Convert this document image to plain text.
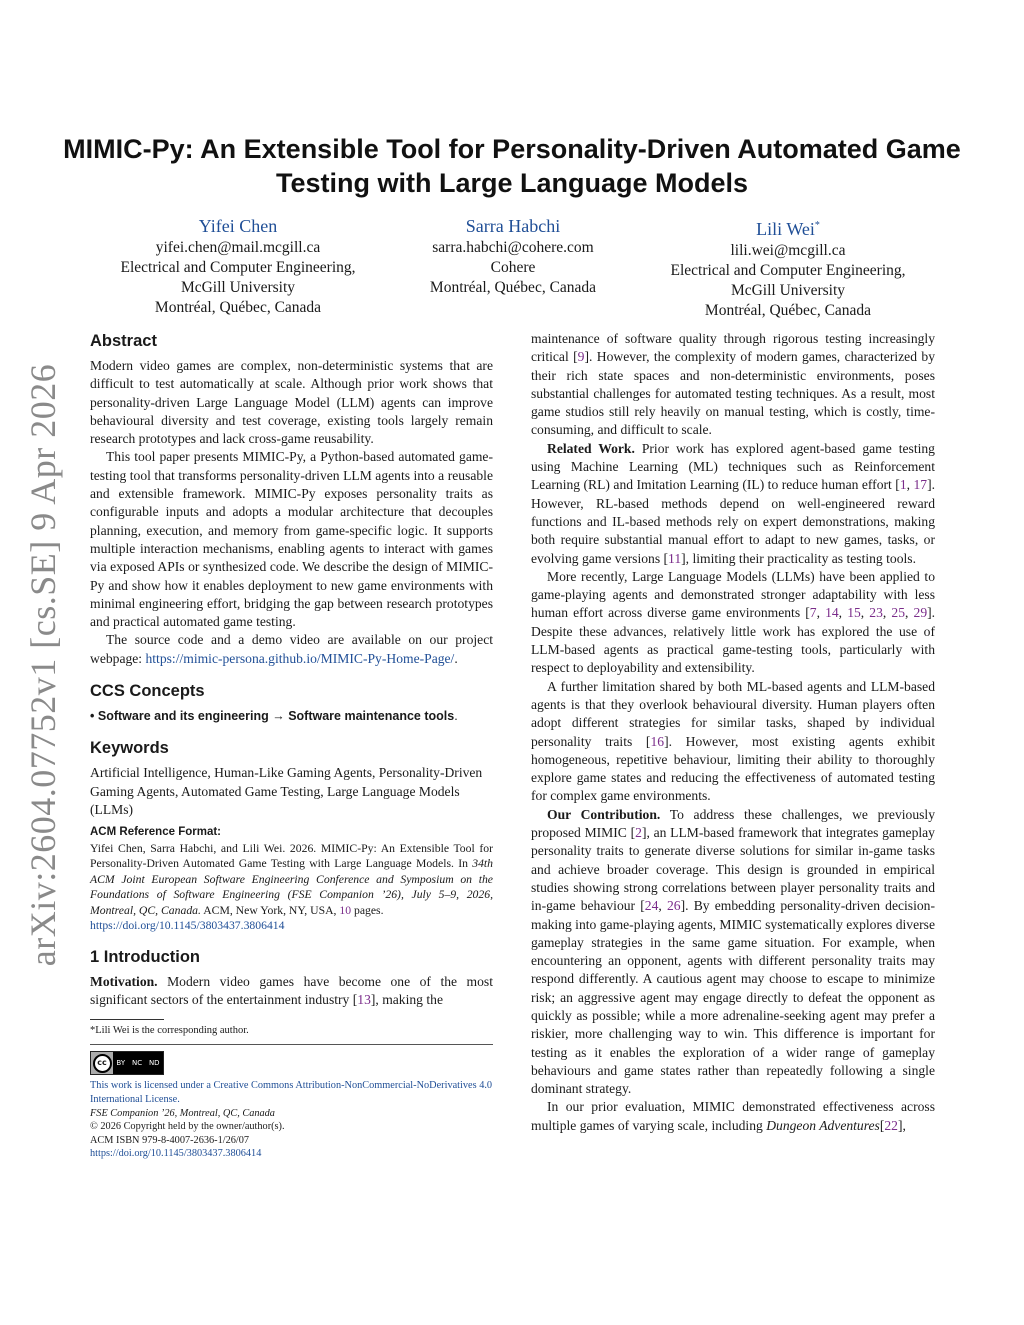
arXiv:2604.07752v1 [cs.SE] 9 Apr 2026
MIMIC-Py: An Extensible Tool for Personality-Driven Automated Game Testing with Large Language Models
Yifei Chen
yifei.chen@mail.mcgill.ca
Electrical and Computer Engineering,
McGill University
Montréal, Québec, Canada
Sarra Habchi
sarra.habchi@cohere.com
Cohere
Montréal, Québec, Canada
Lili Wei*
lili.wei@mcgill.ca
Electrical and Computer Engineering,
McGill University
Montréal, Québec, Canada
Abstract

Modern video games are complex, non-deterministic systems that are difficult to test automatically at scale. Although prior work shows that personality-driven Large Language Model (LLM) agents can improve behavioural diversity and test coverage, existing tools largely remain research prototypes and lack cross-game reusability.

This tool paper presents MIMIC-Py, a Python-based automated game-testing tool that transforms personality-driven LLM agents into a reusable and extensible framework. MIMIC-Py exposes personality traits as configurable inputs and adopts a modular architecture that decouples planning, execution, and memory from game-specific logic. It supports multiple interaction mechanisms, enabling agents to interact with games via exposed APIs or synthesized code. We describe the design of MIMIC-Py and show how it enables deployment to new game environments with minimal engineering effort, bridging the gap between research prototypes and practical automated game testing.

The source code and a demo video are available on our project webpage: https://mimic-persona.github.io/MIMIC-Py-Home-Page/.

CCS Concepts

• Software and its engineering → Software maintenance tools.

Keywords

Artificial Intelligence, Human-Like Gaming Agents, Personality-Driven Gaming Agents, Automated Game Testing, Large Language Models (LLMs)

ACM Reference Format:

Yifei Chen, Sarra Habchi, and Lili Wei. 2026. MIMIC-Py: An Extensible Tool for Personality-Driven Automated Game Testing with Large Language Models. In 34th ACM Joint European Software Engineering Conference and Symposium on the Foundations of Software Engineering (FSE Companion ’26), July 5–9, 2026, Montreal, QC, Canada. ACM, New York, NY, USA, 10 pages.

https://doi.org/10.1145/3803437.3806414
1 Introduction

Motivation. Modern video games have become one of the most significant sectors of the entertainment industry [13], making the

*Lili Wei is the corresponding author.
cc	BY NC ND
This work is licensed under a Creative Commons Attribution-NonCommercial-NoDerivatives 4.0 International License.
FSE Companion ’26, Montreal, QC, Canada
© 2026 Copyright held by the owner/author(s).
ACM ISBN 979-8-4007-2636-1/26/07
https://doi.org/10.1145/3803437.3806414

maintenance of software quality through rigorous testing increasingly critical [9]. However, the complexity of modern games, characterized by their rich state spaces and non-deterministic environments, poses substantial challenges for automated testing techniques. As a result, most game studios still rely heavily on manual testing, which is costly, time-consuming, and difficult to scale.

Related Work. Prior work has explored agent-based game testing using Machine Learning (ML) techniques such as Reinforcement Learning (RL) and Imitation Learning (IL) to reduce human effort [1, 17]. However, RL-based methods depend on well-engineered reward functions and IL-based methods rely on expert demonstrations, making both require substantial manual effort to adapt to new games, tasks, or evolving game versions [11], limiting their practicality as testing tools.

More recently, Large Language Models (LLMs) have been applied to game-playing agents and demonstrated stronger adaptability with less human effort across diverse game environments [7, 14, 15, 23, 25, 29]. Despite these advances, relatively little work has explored the use of LLM-based agents as practical game-testing tools, particularly with respect to deployability and extensibility.

A further limitation shared by both ML-based agents and LLM-based agents is that they overlook behavioural diversity. Human players often adopt different strategies for similar tasks, shaped by individual personality traits [16]. However, most existing agents exhibit homogeneous, repetitive behaviour, limiting their ability to thoroughly explore game states and reducing the effectiveness of automated testing for complex game environments.

Our Contribution. To address these challenges, we previously proposed MIMIC [2], an LLM-based framework that integrates gameplay personality traits to generate diverse solutions for similar in-game tasks and achieve broader coverage. This design is grounded in empirical studies showing strong correlations between player personality traits and in-game behaviour [24, 26]. By embedding personality-driven decision-making into game-playing agents, MIMIC systematically explores diverse gameplay strategies in the same game situation. For example, when encountering an opponent, agents with different personality traits may respond differently. A cautious agent may choose to escape to minimize risk; an aggressive agent may engage directly to defeat the opponent as quickly as possible; while a more adrenaline-seeking agent may prefer a riskier, more challenging way to win. This difference is important for testing as it enables the exploration of a wider range of gameplay behaviours and game states rather than repeatedly following a single dominant strategy.

In our prior evaluation, MIMIC demonstrated effectiveness across multiple games of varying scale, including Dungeon Adventures[22],
